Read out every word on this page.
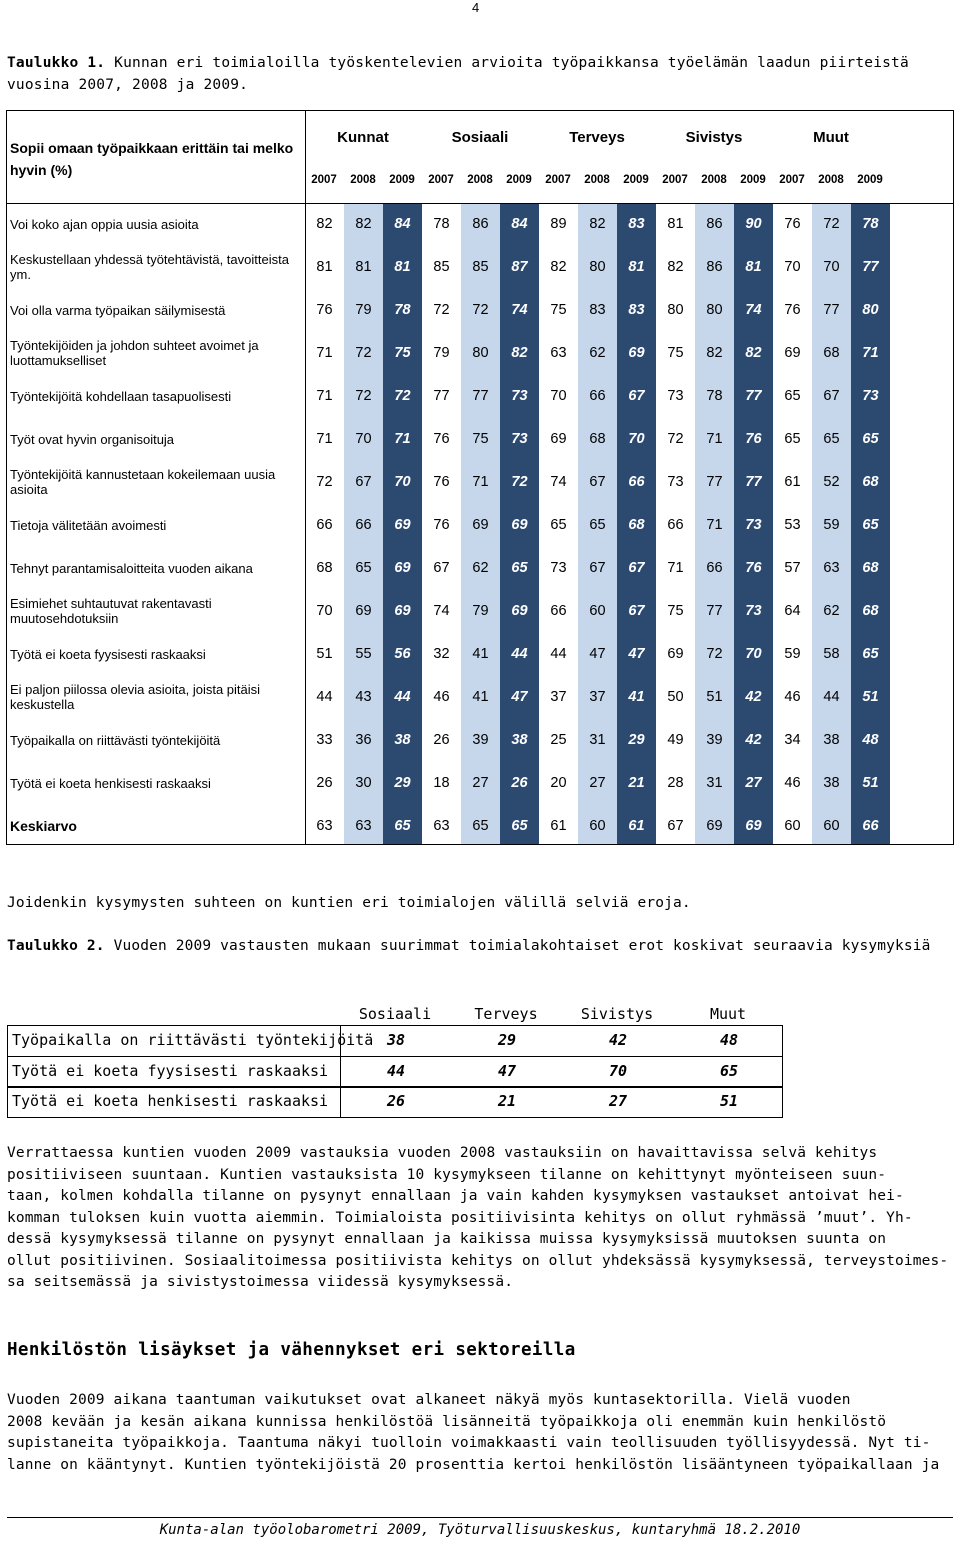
4
Taulukko 1. Kunnan eri toimialoilla työskentelevien arvioita työpaikkansa työelämän laadun piirteistä vuosina 2007, 2008 ja 2009.
Sopii omaan työpaikkaan erittäin tai melko hyvin (%)
Kunnat
2007	2008	2009
Sosiaali
2007	2008	2009
Terveys
2007	2008	2009
Sivistys
2007	2008	2009
Muut
2007	2008	2009
Voi koko ajan oppia uusia asioita	82	82	84	78	86	84	89	82	83	81	86	90	76	72	78
Keskustellaan yhdessä työtehtävistä, tavoitteista ym.	81	81	81	85	85	87	82	80	81	82	86	81	70	70	77
Voi olla varma työpaikan säilymisestä	76	79	78	72	72	74	75	83	83	80	80	74	76	77	80
Työntekijöiden ja johdon suhteet avoimet ja luottamukselliset	71	72	75	79	80	82	63	62	69	75	82	82	69	68	71
Työntekijöitä kohdellaan tasapuolisesti	71	72	72	77	77	73	70	66	67	73	78	77	65	67	73
Työt ovat hyvin organisoituja	71	70	71	76	75	73	69	68	70	72	71	76	65	65	65
Työntekijöitä kannustetaan kokeilemaan uusia asioita	72	67	70	76	71	72	74	67	66	73	77	77	61	52	68
Tietoja välitetään avoimesti	66	66	69	76	69	69	65	65	68	66	71	73	53	59	65
Tehnyt parantamisaloitteita vuoden aikana	68	65	69	67	62	65	73	67	67	71	66	76	57	63	68
Esimiehet suhtautuvat rakentavasti muutosehdotuksiin	70	69	69	74	79	69	66	60	67	75	77	73	64	62	68
Työtä ei koeta fyysisesti raskaaksi	51	55	56	32	41	44	44	47	47	69	72	70	59	58	65
Ei paljon piilossa olevia asioita, joista pitäisi keskustella	44	43	44	46	41	47	37	37	41	50	51	42	46	44	51
Työpaikalla on riittävästi työntekijöitä	33	36	38	26	39	38	25	31	29	49	39	42	34	38	48
Työtä ei koeta henkisesti raskaaksi	26	30	29	18	27	26	20	27	21	28	31	27	46	38	51
Keskiarvo	63	63	65	63	65	65	61	60	61	67	69	69	60	60	66
Joidenkin kysymysten suhteen on kuntien eri toimialojen välillä selviä eroja.
Taulukko 2. Vuoden 2009 vastausten mukaan suurimmat toimialakohtaiset erot koskivat seuraavia kysymyksiä
Sosiaali	Terveys	Sivistys	Muut
Työpaikalla on riittävästi työntekijöitä 38	29	42	48
Työtä ei koeta fyysisesti raskaaksi	44	47	70	65
Työtä ei koeta henkisesti raskaaksi	26	21	27	51
Verrattaessa kuntien vuoden 2009 vastauksia vuoden 2008 vastauksiin on havaittavissa selvä kehitys
positiiviseen suuntaan. Kuntien vastauksista 10 kysymykseen tilanne on kehittynyt myönteiseen suun-
taan, kolmen kohdalla tilanne on pysynyt ennallaan ja vain kahden kysymyksen vastaukset antoivat hei-
komman tuloksen kuin vuotta aiemmin. Toimialoista positiivisinta kehitys on ollut ryhmässä ’muut’. Yh-
dessä kysymyksessä tilanne on pysynyt ennallaan ja kaikissa muissa kysymyksissä muutoksen suunta on
ollut positiivinen. Sosiaalitoimessa positiivista kehitys on ollut yhdeksässä kysymyksessä, terveystoimes-
sa seitsemässä ja sivistystoimessa viidessä kysymyksessä.
Henkilöstön lisäykset ja vähennykset eri sektoreilla
Vuoden 2009 aikana taantuman vaikutukset ovat alkaneet näkyä myös kuntasektorilla. Vielä vuoden
2008 kevään ja kesän aikana kunnissa henkilöstöä lisänneitä työpaikkoja oli enemmän kuin henkilöstö
supistaneita työpaikkoja. Taantuma näkyi tuolloin voimakkaasti vain teollisuuden työllisyydessä. Nyt ti-
lanne on kääntynyt. Kuntien työntekijöistä 20 prosenttia kertoi henkilöstön lisääntyneen työpaikallaan ja
Kunta-alan työolobarometri 2009, Työturvallisuuskeskus, kuntaryhmä 18.2.2010
